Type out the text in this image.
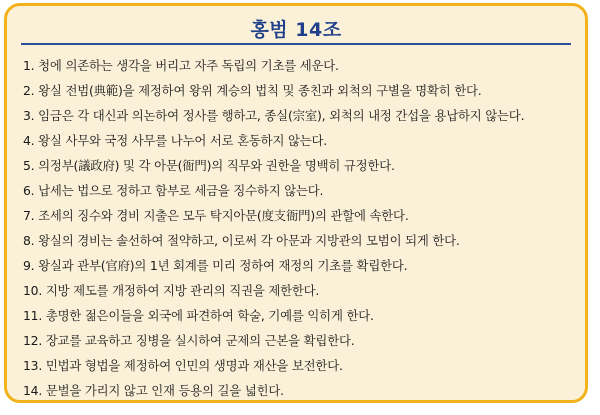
홍범 14조
1. 청에 의존하는 생각을 버리고 자주 독립의 기초를 세운다.
2. 왕실 전범(典範)을 제정하여 왕위 계승의 법칙 및 종친과 외척의 구별을 명확히 한다.
3. 임금은 각 대신과 의논하여 정사를 행하고, 종실(宗室), 외척의 내정 간섭을 용납하지 않는다.
4. 왕실 사무와 국정 사무를 나누어 서로 혼동하지 않는다.
5. 의정부(議政府) 및 각 아문(衙門)의 직무와 권한을 명백히 규정한다.
6. 납세는 법으로 정하고 함부로 세금을 징수하지 않는다.
7. 조세의 징수와 경비 지출은 모두 탁지아문(度支衙門)의 관할에 속한다.
8. 왕실의 경비는 솔선하여 절약하고, 이로써 각 아문과 지방관의 모범이 되게 한다.
9. 왕실과 관부(官府)의 1년 회계를 미리 정하여 재정의 기초를 확립한다.
10. 지방 제도를 개정하여 지방 관리의 직권을 제한한다.
11. 총명한 젊은이들을 외국에 파견하여 학술, 기예를 익히게 한다.
12. 장교를 교육하고 징병을 실시하여 군제의 근본을 확립한다.
13. 민법과 형법을 제정하여 인민의 생명과 재산을 보전한다.
14. 문벌을 가리지 않고 인재 등용의 길을 넓힌다.
